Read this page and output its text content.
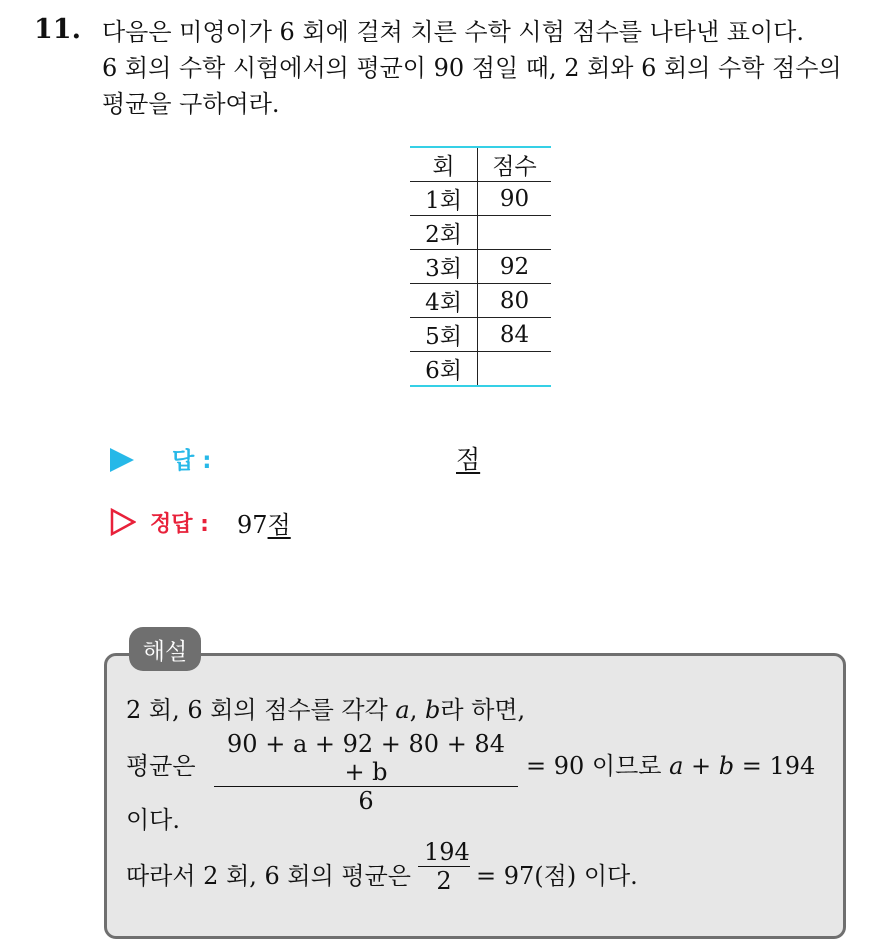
11. 다음은 미영이가 6 회에 걸쳐 치른 수학 시험 점수를 나타낸 표이다.
6 회의 수학 시험에서의 평균이 90 점일 때, 2 회와 6 회의 수학 점수의
평균을 구하여라.
회	점수
1회	90
2회	
3회	92
4회	80
5회	84
6회	
답 :	점
정답 : 97점
해설
2 회, 6 회의 점수를 각각 a, b라 하면,
평균은
90 + a + 92 + 80 + 84 + b
6
= 90 이므로 a + b = 194
이다.
따라서 2 회, 6 회의 평균은
194
2	= 97(점) 이다.
